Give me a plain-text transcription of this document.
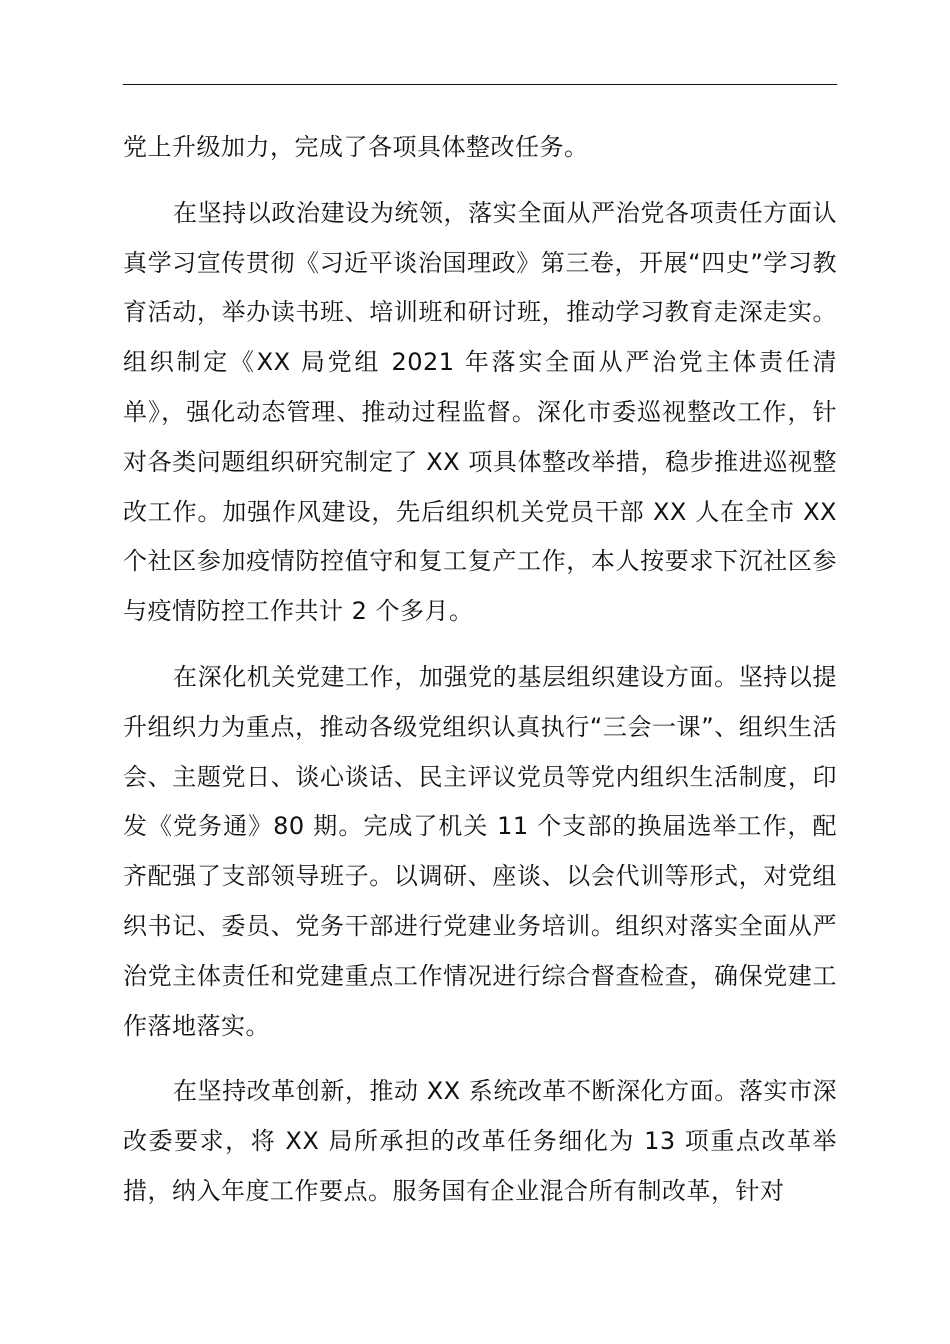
党上升级加力，完成了各项具体整改任务。

在坚持以政治建设为统领，落实全面从严治党各项责任方面认真学习宣传贯彻《习近平谈治国理政》第三卷，开展“四史”学习教育活动，举办读书班、培训班和研讨班，推动学习教育走深走实。组织制定《XX 局党组 2021 年落实全面从严治党主体责任清单》，强化动态管理、推动过程监督。深化市委巡视整改工作，针对各类问题组织研究制定了 XX 项具体整改举措，稳步推进巡视整改工作。加强作风建设，先后组织机关党员干部 XX 人在全市 XX 个社区参加疫情防控值守和复工复产工作，本人按要求下沉社区参与疫情防控工作共计 2 个多月。

在深化机关党建工作，加强党的基层组织建设方面。坚持以提升组织力为重点，推动各级党组织认真执行“三会一课”、组织生活会、主题党日、谈心谈话、民主评议党员等党内组织生活制度，印发《党务通》80 期。完成了机关 11 个支部的换届选举工作，配齐配强了支部领导班子。以调研、座谈、以会代训等形式，对党组织书记、委员、党务干部进行党建业务培训。组织对落实全面从严治党主体责任和党建重点工作情况进行综合督查检查，确保党建工作落地落实。

在坚持改革创新，推动 XX 系统改革不断深化方面。落实市深改委要求，将 XX 局所承担的改革任务细化为 13 项重点改革举措，纳入年度工作要点。服务国有企业混合所有制改革，针对
